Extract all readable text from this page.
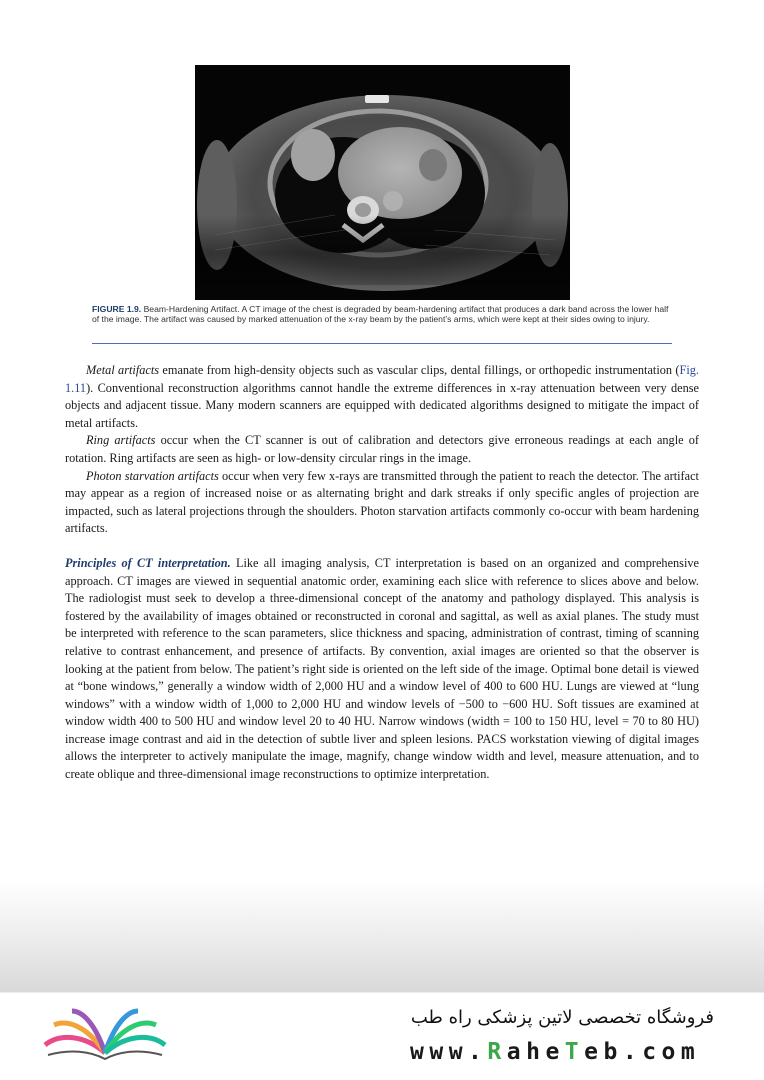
FIGURE 1.9. Beam-Hardening Artifact. A CT image of the chest is degraded by beam-hardening artifact that produces a dark band across the lower half of the image. The artifact was caused by marked attenuation of the x-ray beam by the patient’s arms, which were kept at their sides owing to injury.

Metal artifacts emanate from high-density objects such as vascular clips, dental fillings, or orthopedic instrumentation (Fig. 1.11). Conventional reconstruction algorithms cannot handle the extreme differences in x-ray attenuation between very dense objects and adjacent tissue. Many modern scanners are equipped with dedicated algorithms designed to mitigate the impact of metal artifacts.

Ring artifacts occur when the CT scanner is out of calibration and detectors give erroneous readings at each angle of rotation. Ring artifacts are seen as high- or low-density circular rings in the image.

Photon starvation artifacts occur when very few x-rays are transmitted through the patient to reach the detector. The artifact may appear as a region of increased noise or as alternating bright and dark streaks if only specific angles of projection are impacted, such as lateral projections through the shoulders. Photon starvation artifacts commonly co-occur with beam hardening artifacts.

Principles of CT interpretation. Like all imaging analysis, CT interpretation is based on an organized and comprehensive approach. CT images are viewed in sequential anatomic order, examining each slice with reference to slices above and below. The radiologist must seek to develop a three-dimensional concept of the anatomy and pathology displayed. This analysis is fostered by the availability of images obtained or reconstructed in coronal and sagittal, as well as axial planes. The study must be interpreted with reference to the scan parameters, slice thickness and spacing, administration of contrast, timing of scanning relative to contrast enhancement, and presence of artifacts. By convention, axial images are oriented so that the observer is looking at the patient from below. The patient’s right side is oriented on the left side of the image. Optimal bone detail is viewed at “bone windows,” generally a window width of 2,000 HU and a window level of 400 to 600 HU. Lungs are viewed at “lung windows” with a window width of 1,000 to 2,000 HU and window levels of −500 to −600 HU. Soft tissues are examined at window width 400 to 500 HU and window level 20 to 40 HU. Narrow windows (width = 100 to 150 HU, level = 70 to 80 HU) increase image contrast and aid in the detection of subtle liver and spleen lesions. PACS workstation viewing of digital images allows the interpreter to actively manipulate the image, magnify, change window width and level, measure attenuation, and to create oblique and three-dimensional image reconstructions to optimize interpretation.

فروشگاه تخصصی لاتین پزشکی راه طب
www.RaheTeb.com
